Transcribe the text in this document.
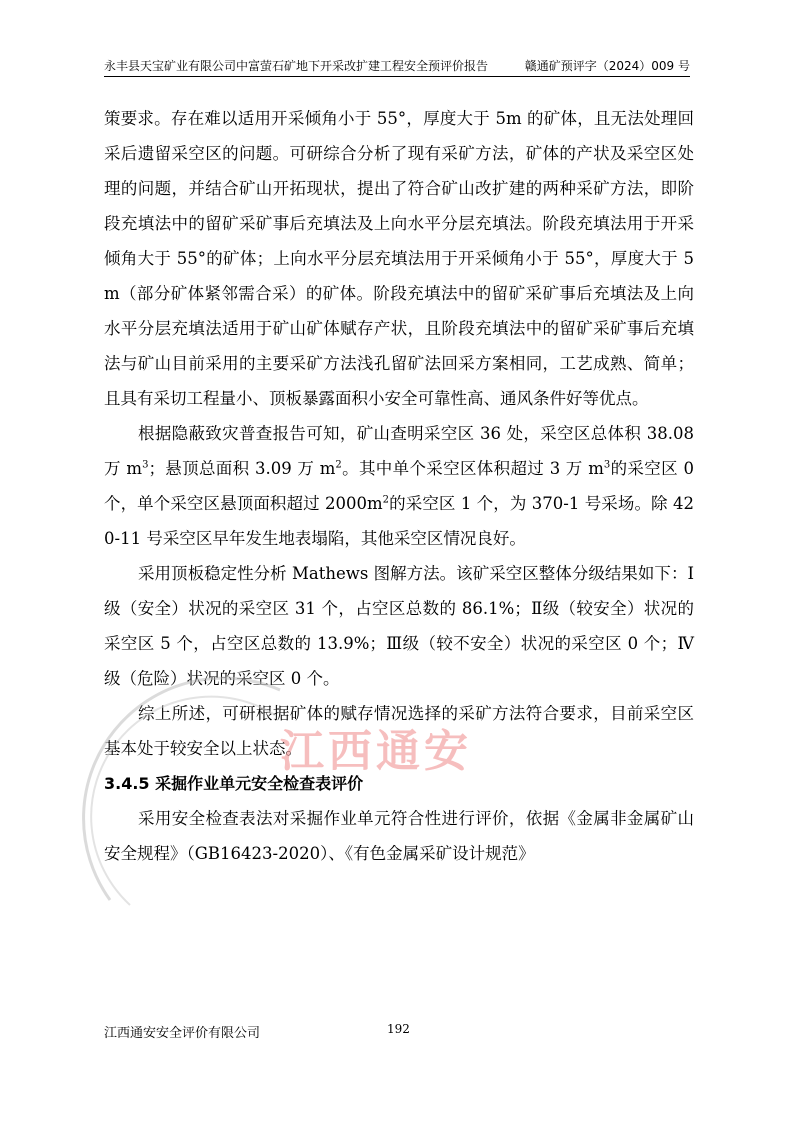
永丰县天宝矿业有限公司中富萤石矿地下开采改扩建工程安全预评价报告	赣通矿预评字（2024）009 号

策要求。存在难以适用开采倾角小于 55°，厚度大于 5m 的矿体，且无法处理回采后遗留采空区的问题。可研综合分析了现有采矿方法，矿体的产状及采空区处理的问题，并结合矿山开拓现状，提出了符合矿山改扩建的两种采矿方法，即阶段充填法中的留矿采矿事后充填法及上向水平分层充填法。阶段充填法用于开采倾角大于 55°的矿体；上向水平分层充填法用于开采倾角小于 55°，厚度大于 5m（部分矿体紧邻需合采）的矿体。阶段充填法中的留矿采矿事后充填法及上向水平分层充填法适用于矿山矿体赋存产状，且阶段充填法中的留矿采矿事后充填法与矿山目前采用的主要采矿方法浅孔留矿法回采方案相同，工艺成熟、简单；且具有采切工程量小、顶板暴露面积小安全可靠性高、通风条件好等优点。

根据隐蔽致灾普查报告可知，矿山查明采空区 36 处，采空区总体积 38.08 万 $m^3$；悬顶总面积 3.09 万 $m^2$。其中单个采空区体积超过 3 万 $m^3$的采空区 0 个，单个采空区悬顶面积超过 $2000m^2$的采空区 1 个，为 370-1 号采场。除 420-11 号采空区早年发生地表塌陷，其他采空区情况良好。

采用顶板稳定性分析 Mathews 图解方法。该矿采空区整体分级结果如下：Ⅰ级（安全）状况的采空区 31 个，占空区总数的 86.1%；Ⅱ级（较安全）状况的采空区 5 个，占空区总数的 13.9%；Ⅲ级（较不安全）状况的采空区 0 个；Ⅳ级（危险）状况的采空区 0 个。

综上所述，可研根据矿体的赋存情况选择的采矿方法符合要求，目前采空区基本处于较安全以上状态。

3.4.5 采掘作业单元安全检查表评价

采用安全检查表法对采掘作业单元符合性进行评价，依据《金属非金属矿山安全规程》（GB16423-2020）、《有色金属采矿设计规范》

江西通安
江西通安安全评价有限公司	192
